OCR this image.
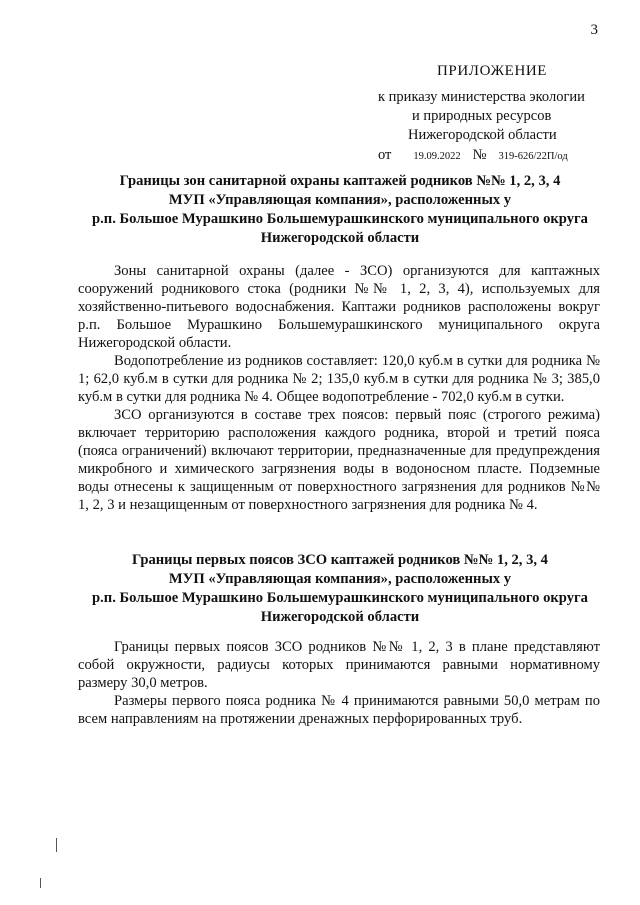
3
ПРИЛОЖЕНИЕ
к приказу министерства экологии
и природных ресурсов
Нижегородской области
от 19.09.2022 № 319-626/22П/од
Границы зон санитарной охраны каптажей родников №№ 1, 2, 3, 4
МУП «Управляющая компания», расположенных у
р.п. Большое Мурашкино Большемурашкинского муниципального округа
Нижегородской области

Зоны санитарной охраны (далее - ЗСО) организуются для каптажных сооружений родникового стока (родники №№ 1, 2, 3, 4), используемых для хозяйственно-питьевого водоснабжения. Каптажи родников расположены вокруг р.п. Большое Мурашкино Большемурашкинского муниципального округа Нижегородской области.

Водопотребление из родников составляет: 120,0 куб.м в сутки для родника № 1; 62,0 куб.м в сутки для родника № 2; 135,0 куб.м в сутки для родника № 3; 385,0 куб.м в сутки для родника № 4. Общее водопотребление - 702,0 куб.м в сутки.

ЗСО организуются в составе трех поясов: первый пояс (строгого режима) включает территорию расположения каждого родника, второй и третий пояса (пояса ограничений) включают территории, предназначенные для предупреждения микробного и химического загрязнения воды в водоносном пласте. Подземные воды отнесены к защищенным от поверхностного загрязнения для родников №№ 1, 2, 3 и незащищенным от поверхностного загрязнения для родника № 4.

Границы первых поясов ЗСО каптажей родников №№ 1, 2, 3, 4
МУП «Управляющая компания», расположенных у
р.п. Большое Мурашкино Большемурашкинского муниципального округа
Нижегородской области

Границы первых поясов ЗСО родников №№ 1, 2, 3 в плане представляют собой окружности, радиусы которых принимаются равными нормативному размеру 30,0 метров.

Размеры первого пояса родника № 4 принимаются равными 50,0 метрам по всем направлениям на протяжении дренажных перфорированных труб.
